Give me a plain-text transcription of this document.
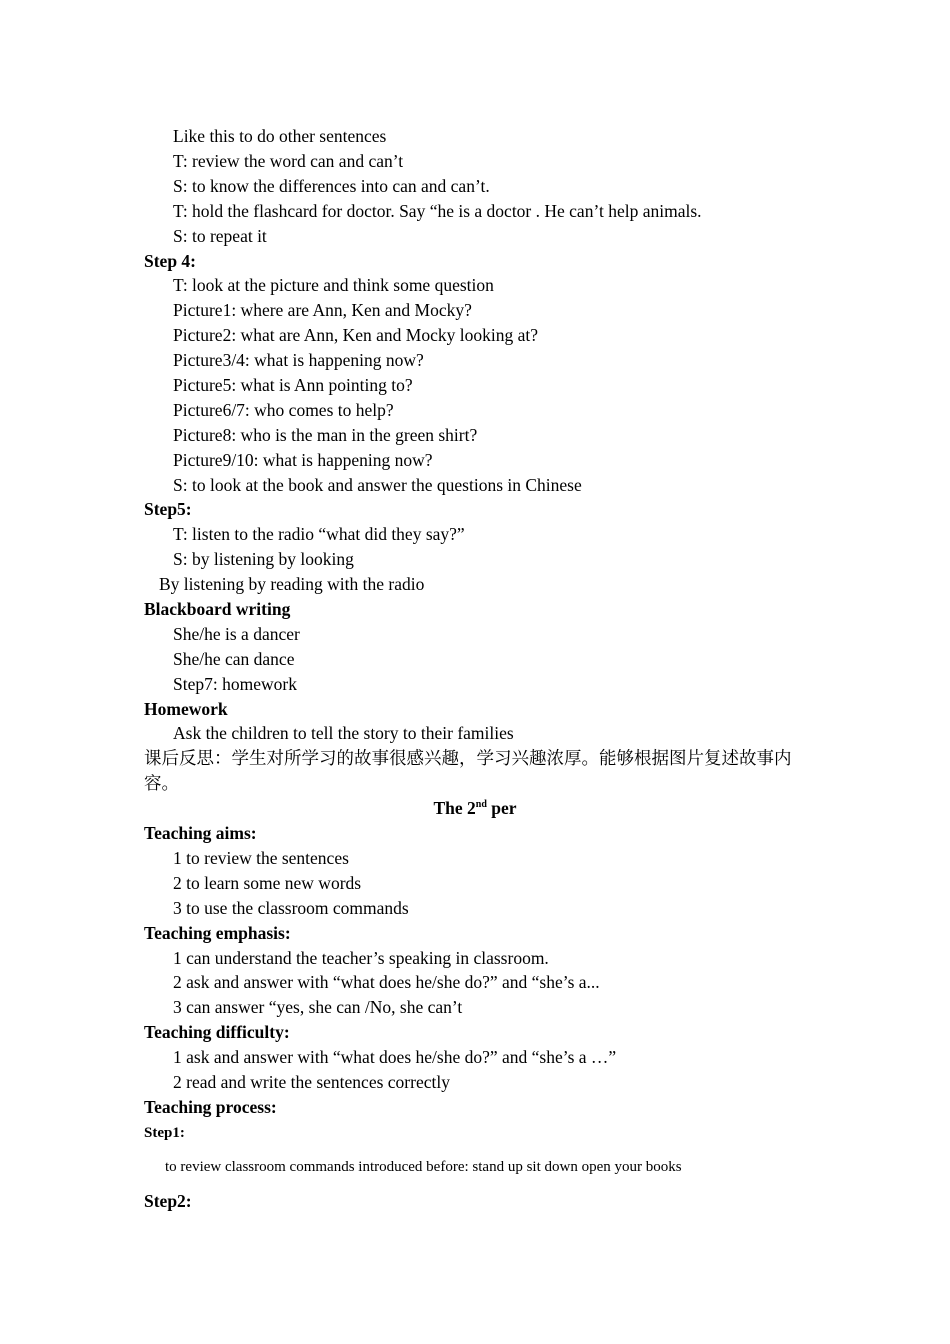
Like this to do other sentences
T: review the word can and can’t
S: to know the differences into can and can’t.
T: hold the flashcard for doctor. Say “he is a doctor . He can’t help animals.
S: to repeat it
Step 4:
T: look at the picture and think some question
Picture1: where are Ann, Ken and Mocky?
Picture2: what are Ann, Ken and Mocky looking at?
Picture3/4: what is happening now?
Picture5: what is Ann pointing to?
Picture6/7: who comes to help?
Picture8: who is the man in the green shirt?
Picture9/10: what is happening now?
S: to look at the book and answer the questions in Chinese
Step5:
T: listen to the radio “what did they say?”
S: by listening by looking
By listening by reading with the radio
Blackboard writing
She/he is a dancer
She/he can dance
Step7: homework
Homework
Ask the children to tell the story to their families
课后反思：学生对所学习的故事很感兴趣，学习兴趣浓厚。能够根据图片复述故事内容。
The 2nd per
Teaching aims:
1 to review the sentences
2 to learn some new words
3 to use the classroom commands
Teaching emphasis:
1 can understand the teacher’s speaking in classroom.
2 ask and answer with “what does he/she do?” and “she’s a...
3 can answer “yes, she can /No, she can’t
Teaching difficulty:
1 ask and answer with “what does he/she do?” and “she’s a …”
2 read and write the sentences correctly
Teaching process:
Step1:
to review classroom commands introduced before: stand up sit down open your books
Step2:
